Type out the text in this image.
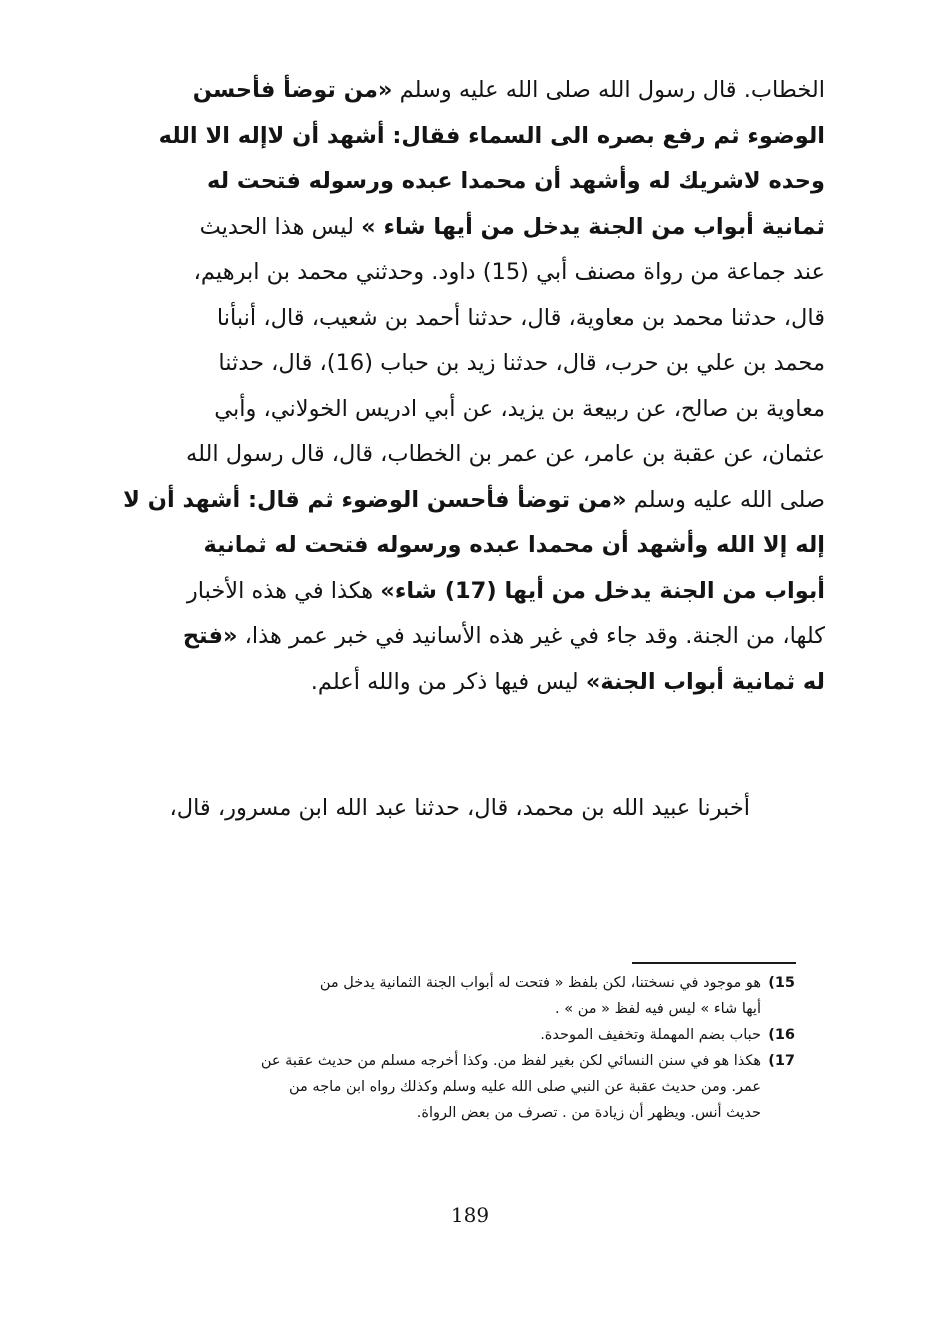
الخطاب. قال رسول الله صلى الله عليه وسلم «من توضأ فأحسن
الوضوء ثم رفع بصره الى السماء فقال: أشهد أن لاإله الا الله
وحده لاشريك له وأشهد أن محمدا عبده ورسوله فتحت له
ثمانية أبواب من الجنة يدخل من أيها شاء » ليس هذا الحديث
عند جماعة من رواة مصنف أبي (15) داود. وحدثني محمد بن ابرهيم،
قال، حدثنا محمد بن معاوية، قال، حدثنا أحمد بن شعيب، قال، أنبأنا
محمد بن علي بن حرب، قال، حدثنا زيد بن حباب (16)، قال، حدثنا
معاوية بن صالح، عن ربيعة بن يزيد، عن أبي ادريس الخولاني، وأبي
عثمان، عن عقبة بن عامر، عن عمر بن الخطاب، قال، قال رسول الله
صلى الله عليه وسلم «من توضأ فأحسن الوضوء ثم قال: أشهد أن لا
إله إلا الله وأشهد أن محمدا عبده ورسوله فتحت له ثمانية
أبواب من الجنة يدخل من أيها (17) شاء» هكذا في هذه الأخبار
كلها، من الجنة. وقد جاء في غير هذه الأسانيد في خبر عمر هذا، «فتح
له ثمانية أبواب الجنة» ليس فيها ذكر من والله أعلم.
أخبرنا عبيد الله بن محمد، قال، حدثنا عبد الله ابن مسرور، قال،
(15
هو موجود في نسختنا، لكن بلفظ « فتحت له أبواب الجنة الثمانية يدخل من
أيها شاء » ليس فيه لفظ « من » .
(16
حباب بضم المهملة وتخفيف الموحدة.
(17
هكذا هو في سنن النسائي لكن بغير لفظ من. وكذا أخرجه مسلم من حديث عقبة عن
عمر. ومن حديث عقبة عن النبي صلى الله عليه وسلم وكذلك رواه ابن ماجه من
حديث أنس. ويظهر أن زيادة من . تصرف من بعض الرواة.
189
